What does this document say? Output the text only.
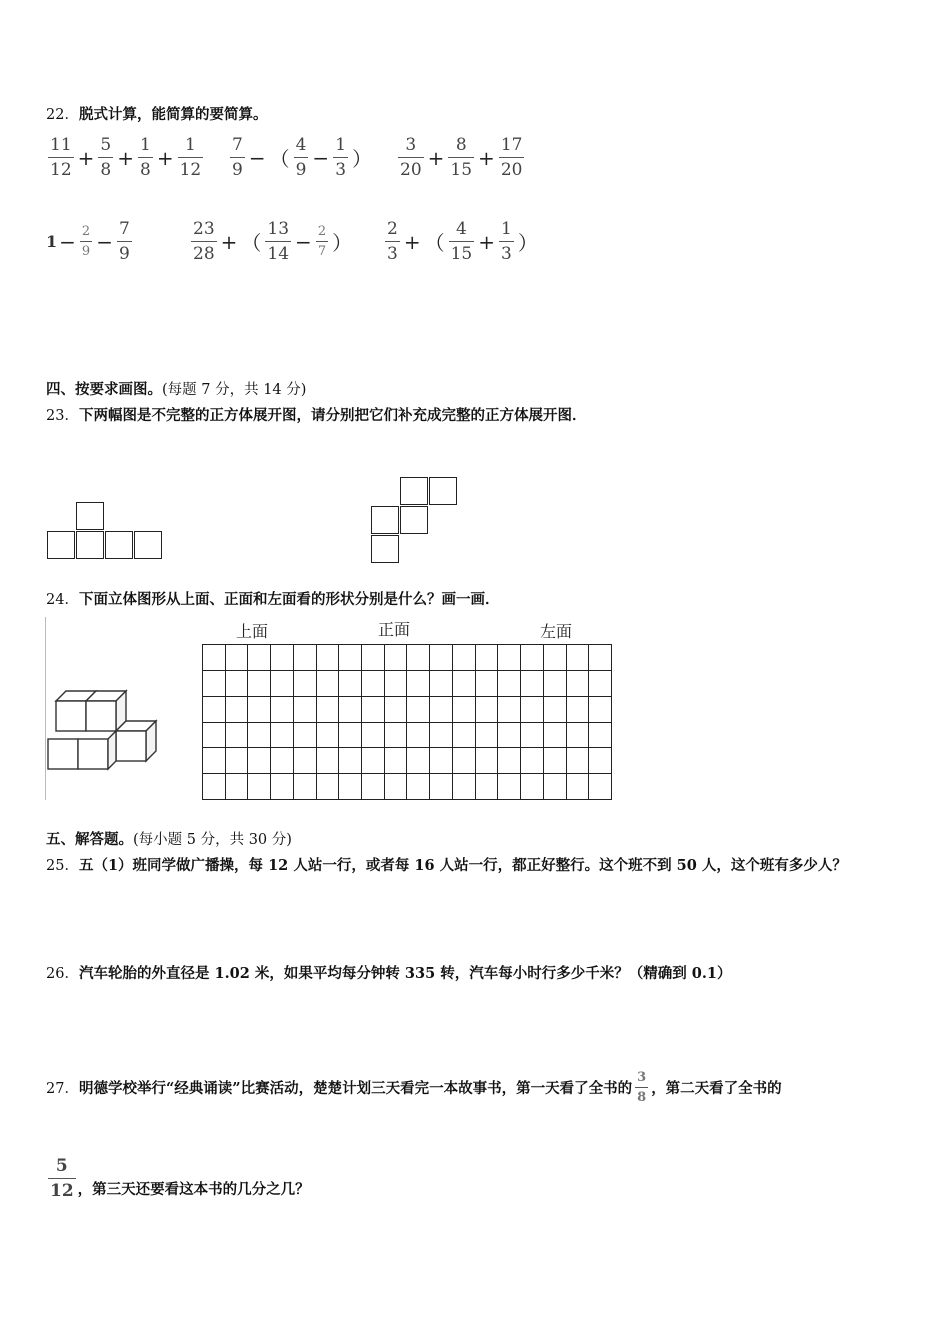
22．脱式计算，能简算的要简算。
$\frac{11}{12} + \frac{5}{8} + \frac{1}{8} + \frac{1}{12} \frac{7}{9}$ − （ $\frac{4}{9} - \frac{1}{3}$ ） $\frac{3}{20} + \frac{8}{15} + \frac{17}{20}$
$1 - \frac{2}{9} - \frac{7}{9}$	$\frac{23}{28}$ + （ $\frac{13}{14} - \frac{2}{7}$ ） $\frac{2}{3}$ + （ $\frac{4}{15} + \frac{1}{3}$ ）
四、按要求画图。(每题 7 分，共 14 分)
23．下两幅图是不完整的正方体展开图，请分别把它们补充成完整的正方体展开图．
24．下面立体图形从上面、正面和左面看的形状分别是什么？画一画．
上面	正面	左面
五、解答题。(每小题 5 分，共 30 分)
25．五（1）班同学做广播操，每 12 人站一行，或者每 16 人站一行，都正好整行。这个班不到 50 人，这个班有多少人？
26．汽车轮胎的外直径是 1.02 米，如果平均每分钟转 335 转，汽车每小时行多少千米？（精确到 0.1）
27． 明德学校举行“经典诵读”比赛活动，楚楚计划三天看完一本故事书，第一天看了全书的 $\frac{3}{8}$ ，第二天看了全书的
$\frac{5}{12}$ ，第三天还要看这本书的几分之几？
